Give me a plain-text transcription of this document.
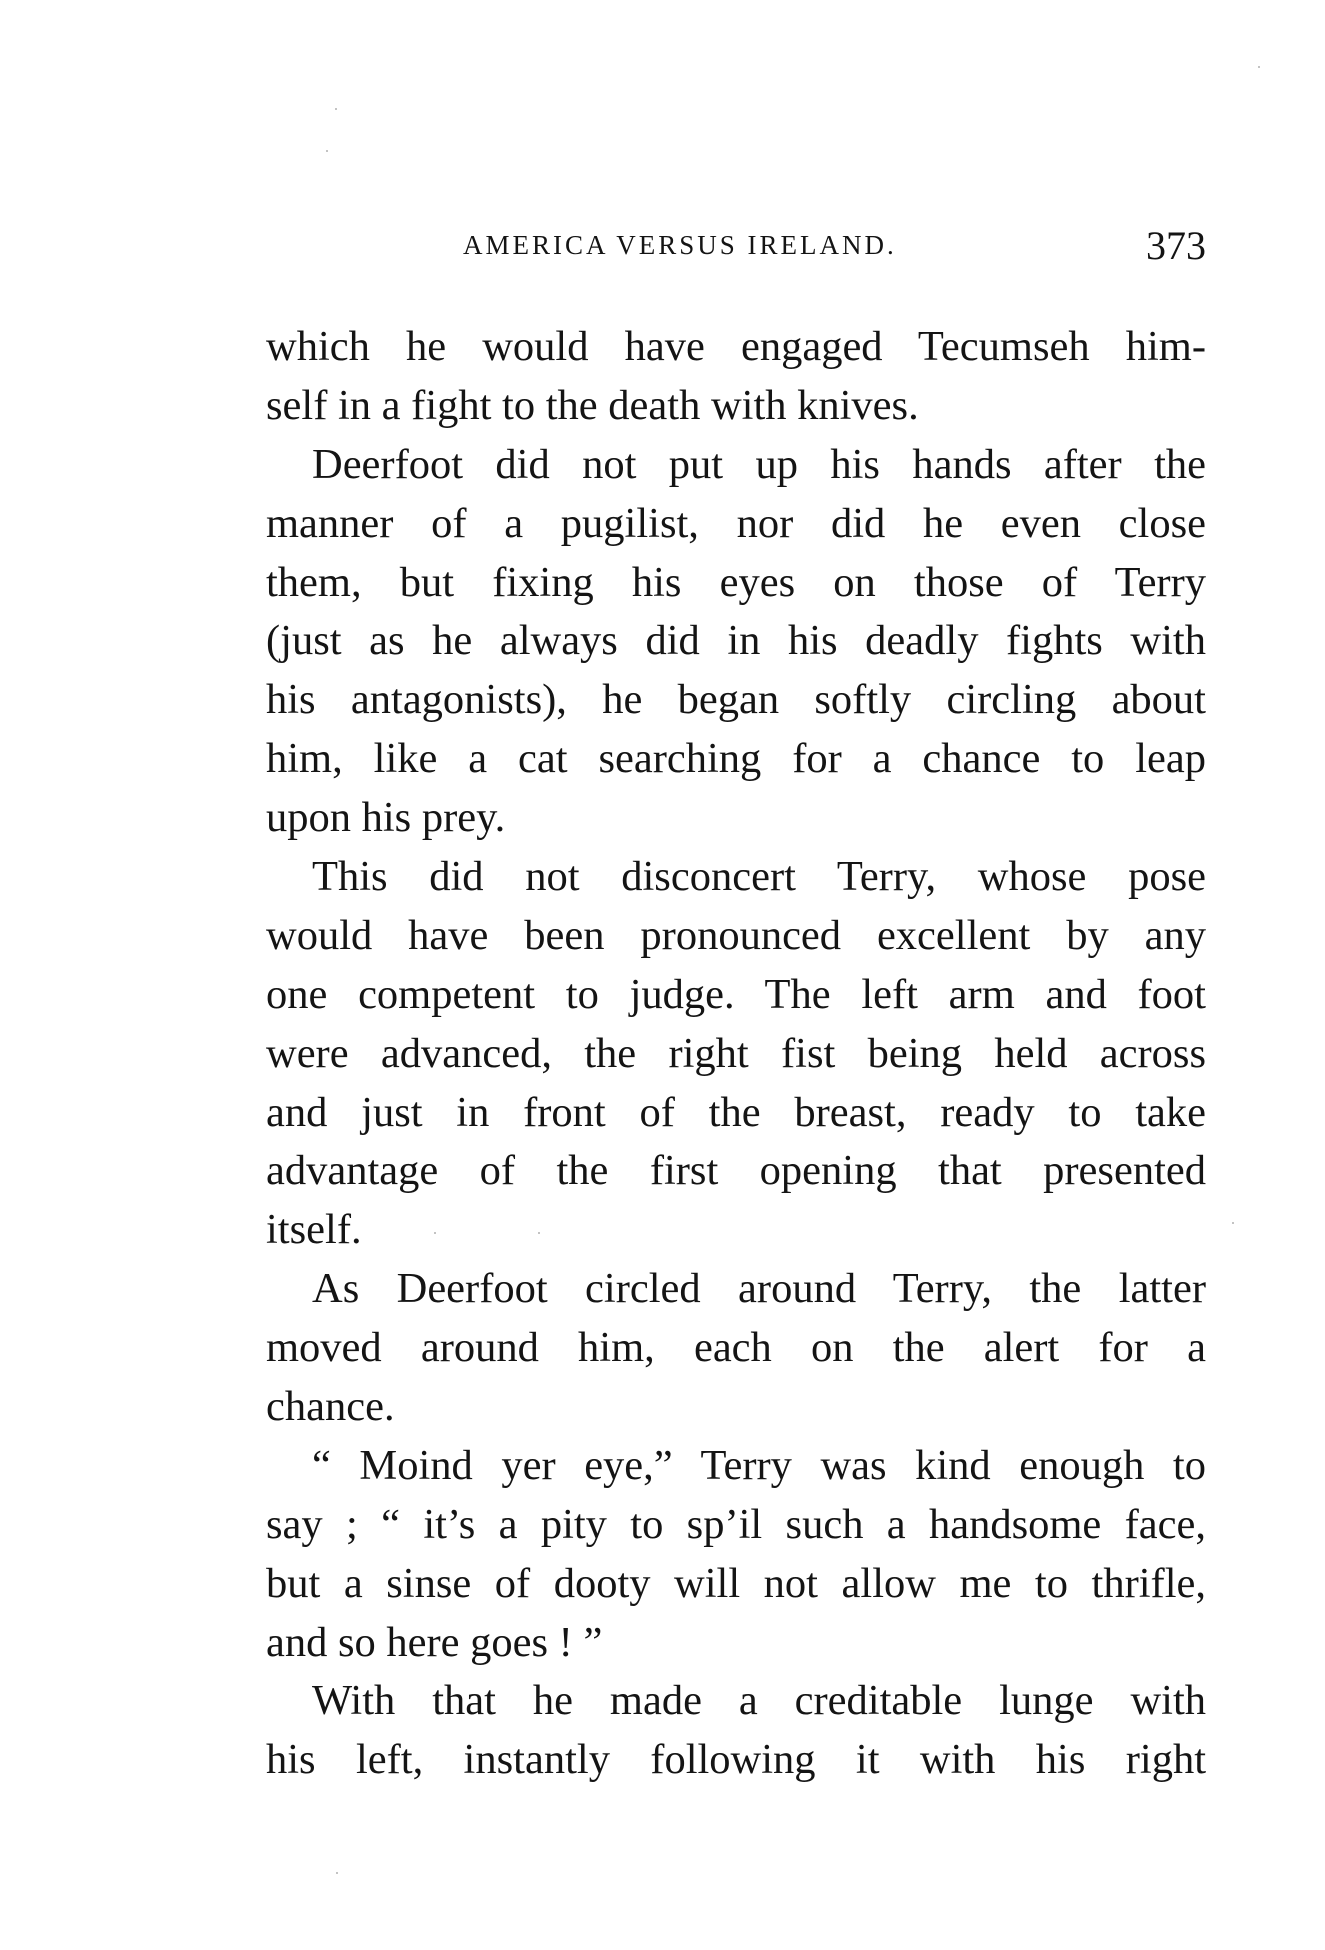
AMERICA VERSUS IRELAND.	373

which he would have engaged Tecumseh him-
self in a fight to the death with knives.

Deerfoot did not put up his hands after the
manner of a pugilist, nor did he even close
them, but fixing his eyes on those of Terry
(just as he always did in his deadly fights with
his antagonists), he began softly circling about
him, like a cat searching for a chance to leap
upon his prey.

This did not disconcert Terry, whose pose
would have been pronounced excellent by any
one competent to judge. The left arm and foot
were advanced, the right fist being held across
and just in front of the breast, ready to take
advantage of the first opening that presented
itself.

As Deerfoot circled around Terry, the latter
moved around him, each on the alert for a
chance.

“ Moind yer eye,” Terry was kind enough to
say ; “ it’s a pity to sp’il such a handsome face,
but a sinse of dooty will not allow me to thrifle,
and so here goes ! ”

With that he made a creditable lunge with
his left, instantly following it with his right
